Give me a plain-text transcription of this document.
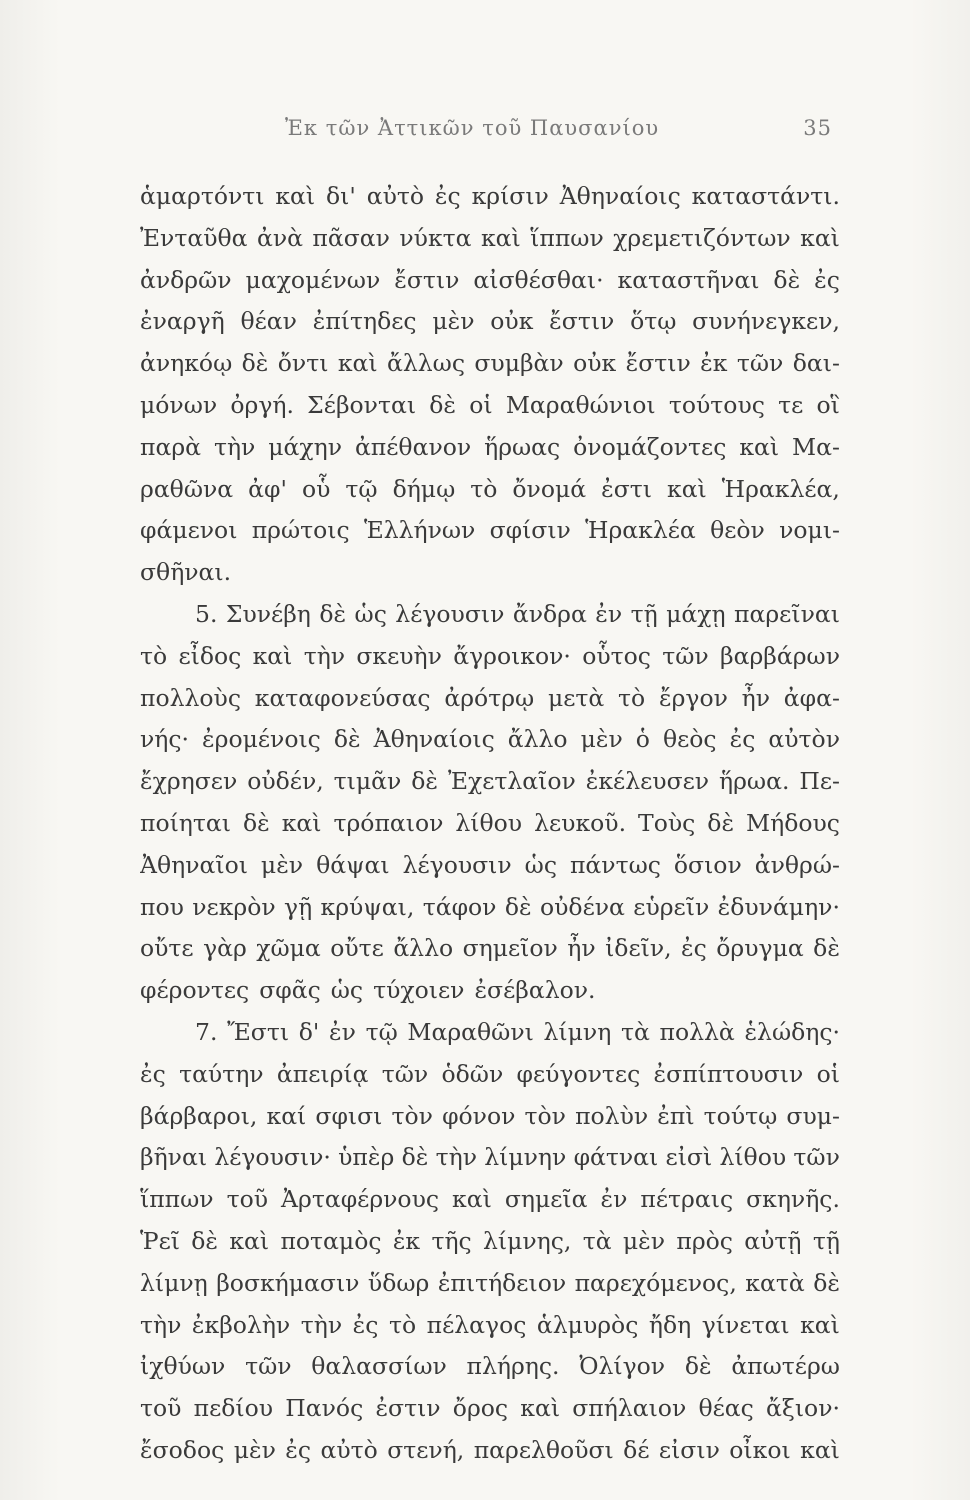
Ἐκ τῶν Ἀττικῶν τοῦ Παυσανίου	35
ἁμαρτόντι καὶ δι' αὐτὸ ἐς κρίσιν Ἀθηναίοις καταστάντι.
Ἐνταῦθα ἀνὰ πᾶσαν νύκτα καὶ ἵππων χρεμετιζόντων καὶ
ἀνδρῶν μαχομένων ἔστιν αἰσθέσθαι· καταστῆναι δὲ ἐς
ἐναργῆ θέαν ἐπίτηδες μὲν οὐκ ἔστιν ὅτῳ συνήνεγκεν,
ἀνηκόῳ δὲ ὄντι καὶ ἄλλως συμβὰν οὐκ ἔστιν ἐκ τῶν δαι-
μόνων ὀργή. Σέβονται δὲ οἱ Μαραθώνιοι τούτους τε οἳ
παρὰ τὴν μάχην ἀπέθανον ἥρωας ὀνομάζοντες καὶ Μα-
ραθῶνα ἀφ' οὗ τῷ δήμῳ τὸ ὄνομά ἐστι καὶ Ἡρακλέα,
φάμενοι πρώτοις Ἑλλήνων σφίσιν Ἡρακλέα θεὸν νομι-
σθῆναι.
5. Συνέβη δὲ ὡς λέγουσιν ἄνδρα ἐν τῇ μάχῃ παρεῖναι
τὸ εἶδος καὶ τὴν σκευὴν ἄγροικον· οὗτος τῶν βαρβάρων
πολλοὺς καταφονεύσας ἀρότρῳ μετὰ τὸ ἔργον ἦν ἀφα-
νής· ἐρομένοις δὲ Ἀθηναίοις ἄλλο μὲν ὁ θεὸς ἐς αὐτὸν
ἔχρησεν οὐδέν, τιμᾶν δὲ Ἐχετλαῖον ἐκέλευσεν ἥρωα. Πε-
ποίηται δὲ καὶ τρόπαιον λίθου λευκοῦ. Τοὺς δὲ Μήδους
Ἀθηναῖοι μὲν θάψαι λέγουσιν ὡς πάντως ὅσιον ἀνθρώ-
που νεκρὸν γῇ κρύψαι, τάφον δὲ οὐδένα εὑρεῖν ἐδυνάμην·
οὔτε γὰρ χῶμα οὔτε ἄλλο σημεῖον ἦν ἰδεῖν, ἐς ὄρυγμα δὲ
φέροντες σφᾶς ὡς τύχοιεν ἐσέβαλον.
7. Ἔστι δ' ἐν τῷ Μαραθῶνι λίμνη τὰ πολλὰ ἑλώδης·
ἐς ταύτην ἀπειρίᾳ τῶν ὁδῶν φεύγοντες ἐσπίπτουσιν οἱ
βάρβαροι, καί σφισι τὸν φόνον τὸν πολὺν ἐπὶ τούτῳ συμ-
βῆναι λέγουσιν· ὑπὲρ δὲ τὴν λίμνην φάτναι εἰσὶ λίθου τῶν
ἵππων τοῦ Ἀρταφέρνους καὶ σημεῖα ἐν πέτραις σκηνῆς.
Ῥεῖ δὲ καὶ ποταμὸς ἐκ τῆς λίμνης, τὰ μὲν πρὸς αὐτῇ τῇ
λίμνῃ βοσκήμασιν ὕδωρ ἐπιτήδειον παρεχόμενος, κατὰ δὲ
τὴν ἐκβολὴν τὴν ἐς τὸ πέλαγος ἁλμυρὸς ἤδη γίνεται καὶ
ἰχθύων τῶν θαλασσίων πλήρης. Ὀλίγον δὲ ἀπωτέρω
τοῦ πεδίου Πανός ἐστιν ὄρος καὶ σπήλαιον θέας ἄξιον·
ἔσοδος μὲν ἐς αὐτὸ στενή, παρελθοῦσι δέ εἰσιν οἶκοι καὶ
